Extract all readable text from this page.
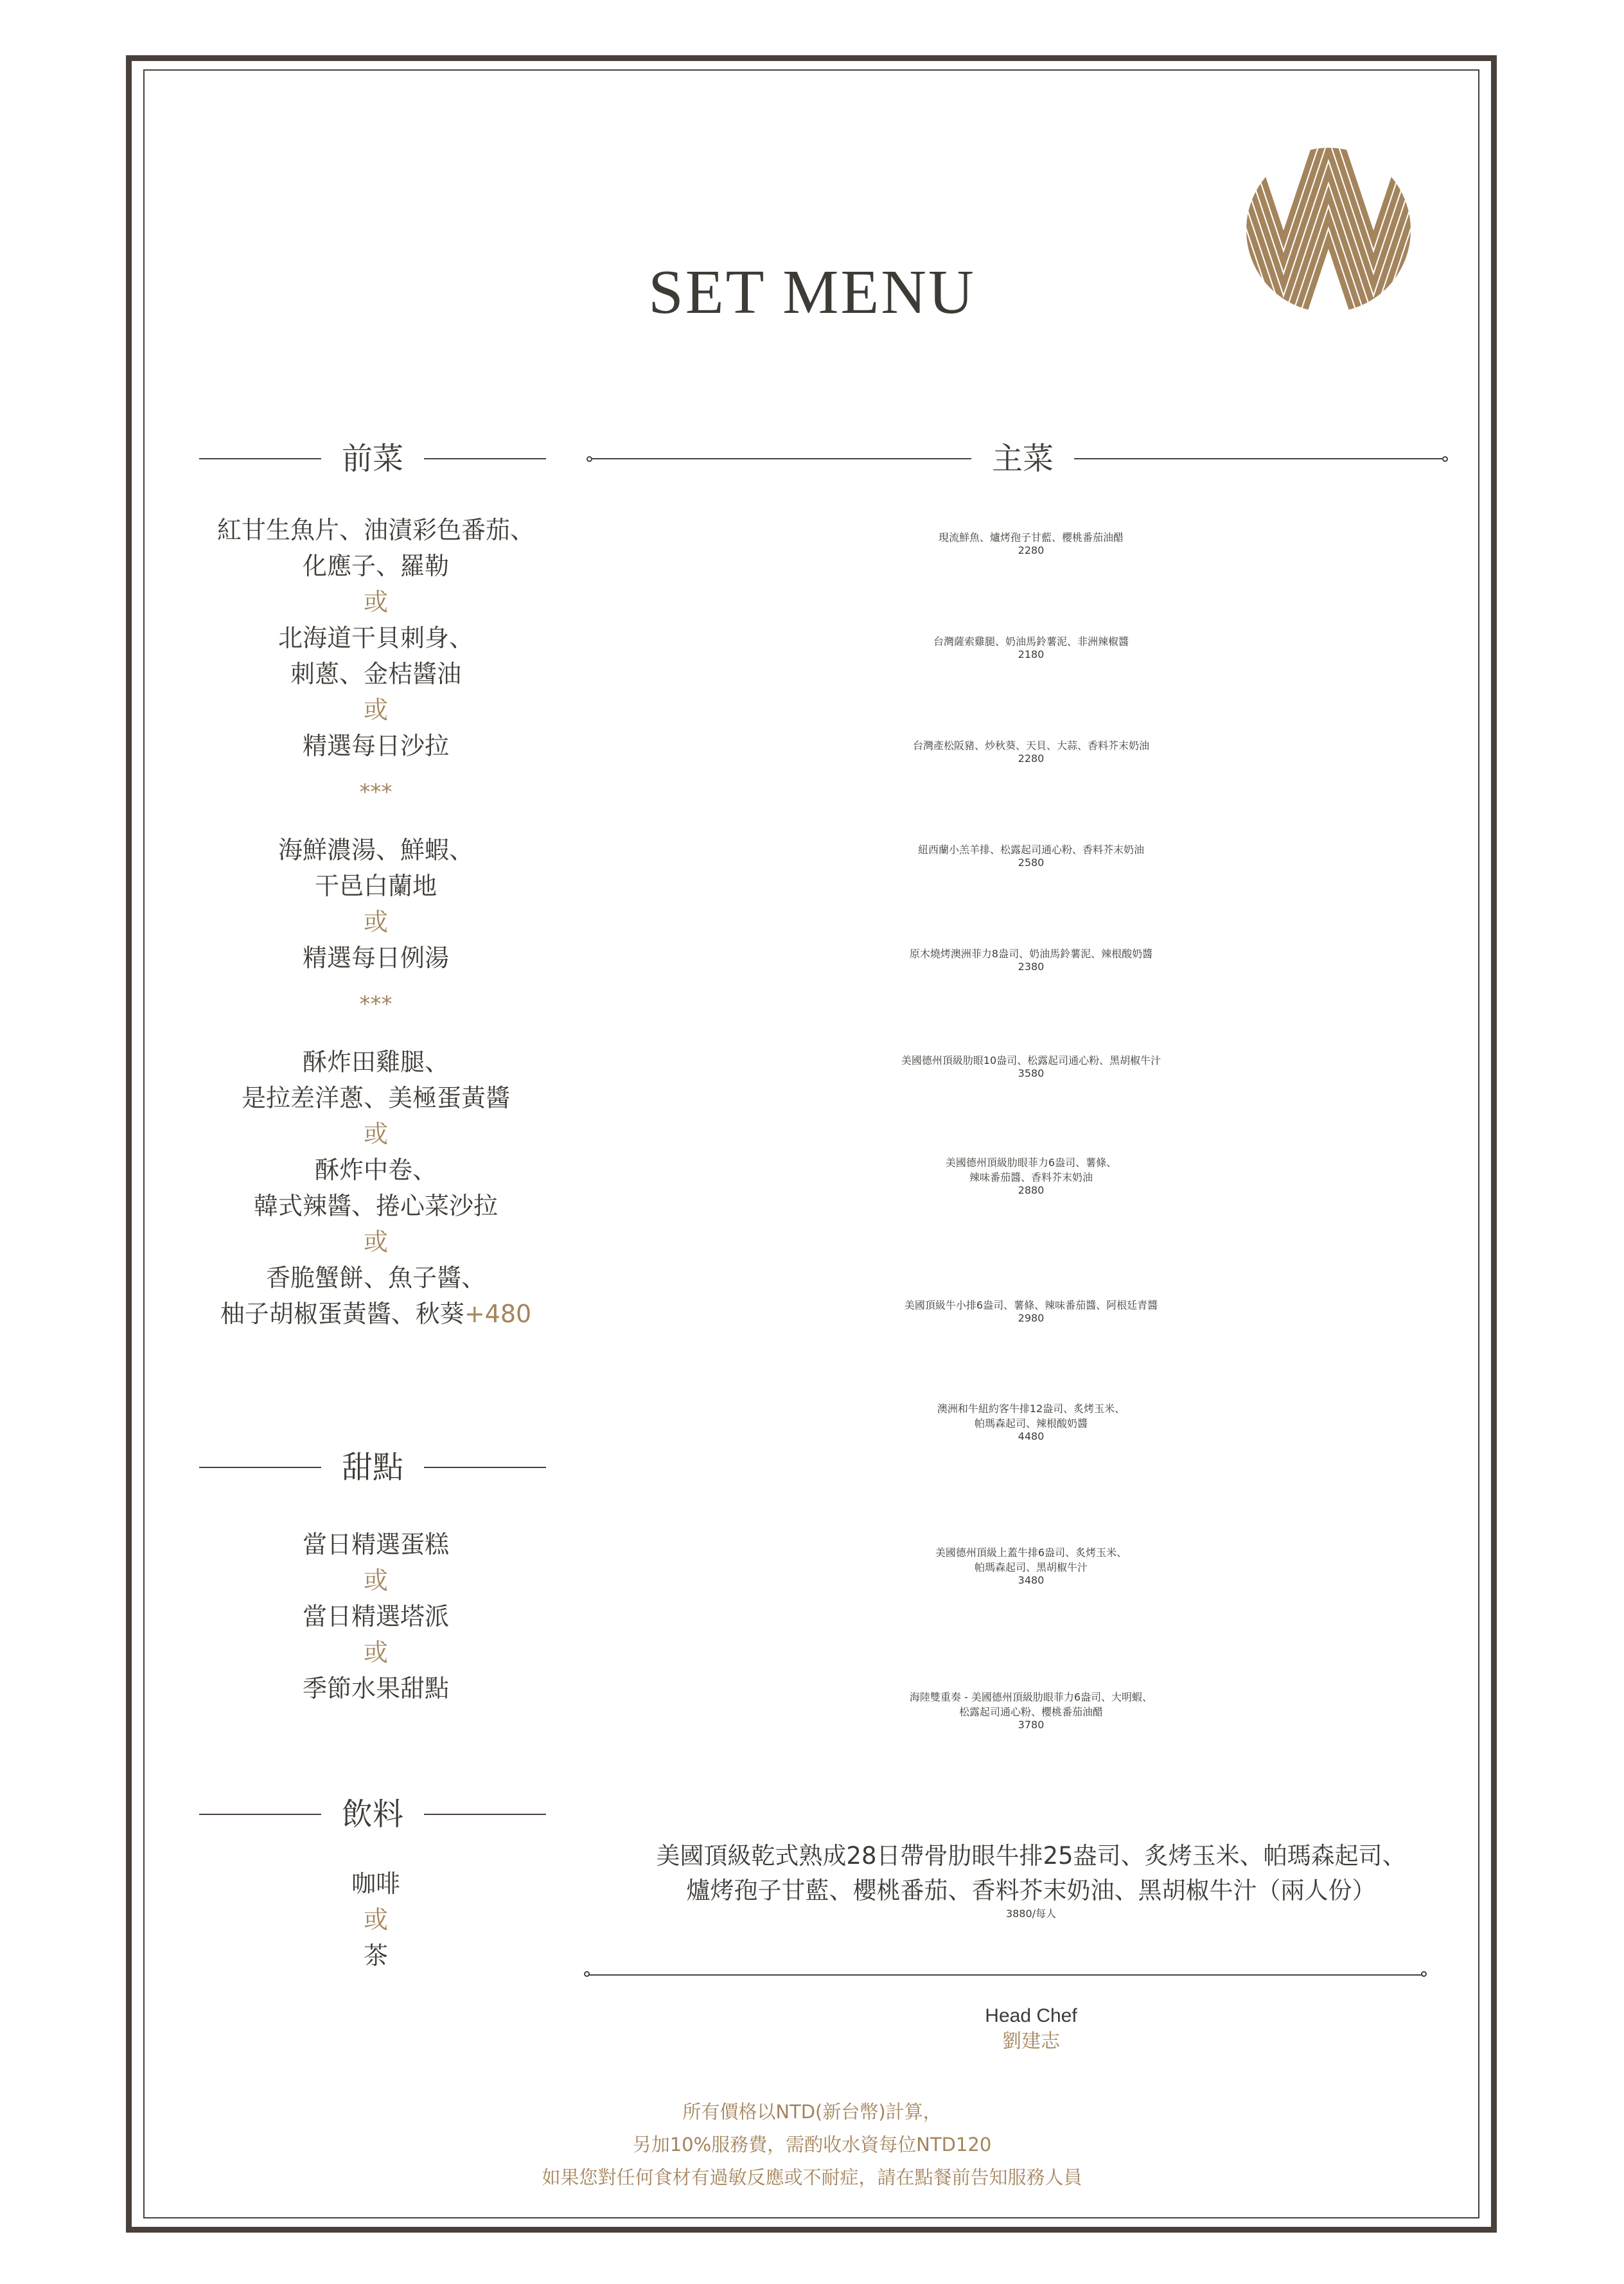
SET MENU
前菜	主菜
紅甘生魚片、油漬彩色番茄、
化應子、羅勒
或
北海道干貝刺身、
刺蔥、金桔醬油
或
精選每日沙拉
***
海鮮濃湯、鮮蝦、
干邑白蘭地
或
精選每日例湯
***
酥炸田雞腿、
是拉差洋蔥、美極蛋黃醬
或
酥炸中卷、
韓式辣醬、捲心菜沙拉
或
香脆蟹餅、魚子醬、
柚子胡椒蛋黃醬、秋葵+480
甜點
當日精選蛋糕
或
當日精選塔派
或
季節水果甜點
飲料
咖啡
或
茶
現流鮮魚、爐烤孢子甘藍、櫻桃番茄油醋
2280
台灣薩索雞腿、奶油馬鈴薯泥、非洲辣椒醬
2180
台灣產松阪豬、炒秋葵、天貝、大蒜、香料芥末奶油
2280
紐西蘭小羔羊排、松露起司通心粉、香料芥末奶油
2580
原木燒烤澳洲菲力8盎司、奶油馬鈴薯泥、辣根酸奶醬
2380
美國德州頂級肋眼10盎司、松露起司通心粉、黑胡椒牛汁
3580
美國德州頂級肋眼菲力6盎司、薯條、
辣味番茄醬、香料芥末奶油
2880
美國頂級牛小排6盎司、薯條、辣味番茄醬、阿根廷青醬
2980
澳洲和牛紐約客牛排12盎司、炙烤玉米、
帕瑪森起司、辣根酸奶醬
4480
美國德州頂級上蓋牛排6盎司、炙烤玉米、
帕瑪森起司、黑胡椒牛汁
3480
海陸雙重奏 - 美國德州頂級肋眼菲力6盎司、大明蝦、
松露起司通心粉、櫻桃番茄油醋
3780
美國頂級乾式熟成28日帶骨肋眼牛排25盎司、炙烤玉米、帕瑪森起司、
爐烤孢子甘藍、櫻桃番茄、香料芥末奶油、黑胡椒牛汁（兩人份）
3880/每人
Head Chef
劉建志
所有價格以NTD(新台幣)計算，
另加10%服務費，需酌收水資每位NTD120
如果您對任何食材有過敏反應或不耐症，請在點餐前告知服務人員
